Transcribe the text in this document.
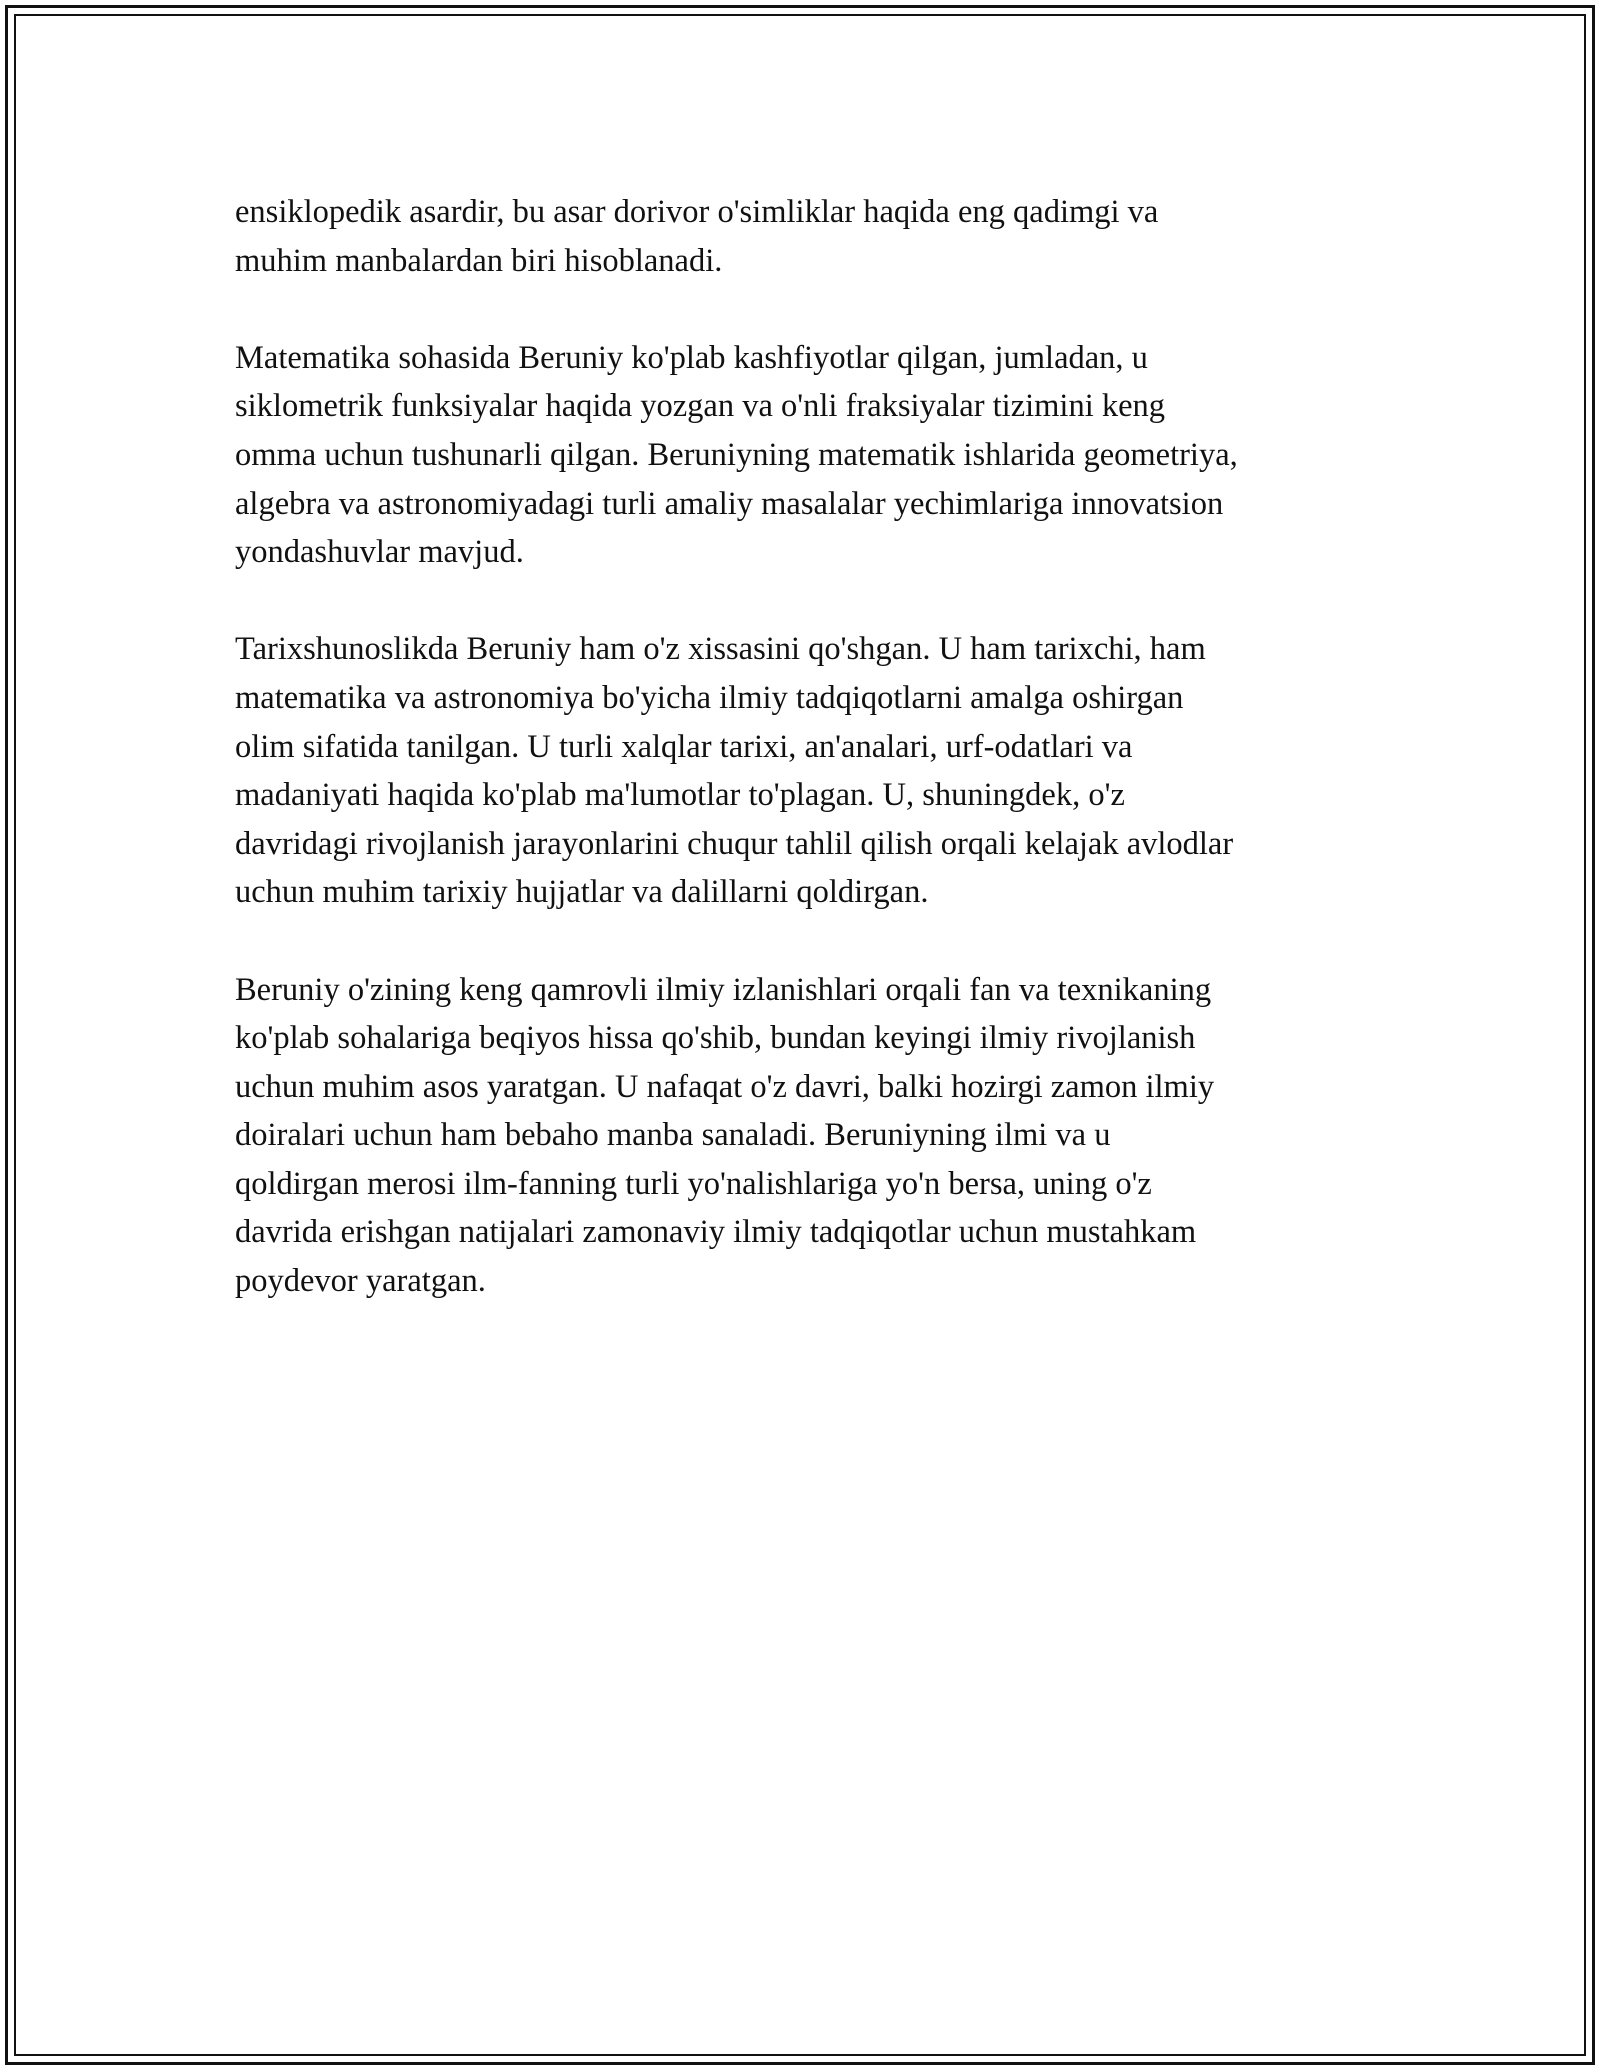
ensiklopedik asardir, bu asar dorivor o'simliklar haqida eng qadimgi va
muhim manbalardan biri hisoblanadi.

Matematika sohasida Beruniy ko'plab kashfiyotlar qilgan, jumladan, u
siklometrik funksiyalar haqida yozgan va o'nli fraksiyalar tizimini keng
omma uchun tushunarli qilgan. Beruniyning matematik ishlarida geometriya,
algebra va astronomiyadagi turli amaliy masalalar yechimlariga innovatsion
yondashuvlar mavjud.

Tarixshunoslikda Beruniy ham o'z xissasini qo'shgan. U ham tarixchi, ham
matematika va astronomiya bo'yicha ilmiy tadqiqotlarni amalga oshirgan
olim sifatida tanilgan. U turli xalqlar tarixi, an'analari, urf-odatlari va
madaniyati haqida ko'plab ma'lumotlar to'plagan. U, shuningdek, o'z
davridagi rivojlanish jarayonlarini chuqur tahlil qilish orqali kelajak avlodlar
uchun muhim tarixiy hujjatlar va dalillarni qoldirgan.

Beruniy o'zining keng qamrovli ilmiy izlanishlari orqali fan va texnikaning
ko'plab sohalariga beqiyos hissa qo'shib, bundan keyingi ilmiy rivojlanish
uchun muhim asos yaratgan. U nafaqat o'z davri, balki hozirgi zamon ilmiy
doiralari uchun ham bebaho manba sanaladi. Beruniyning ilmi va u
qoldirgan merosi ilm-fanning turli yo'nalishlariga yo'n bersa, uning o'z
davrida erishgan natijalari zamonaviy ilmiy tadqiqotlar uchun mustahkam
poydevor yaratgan.
